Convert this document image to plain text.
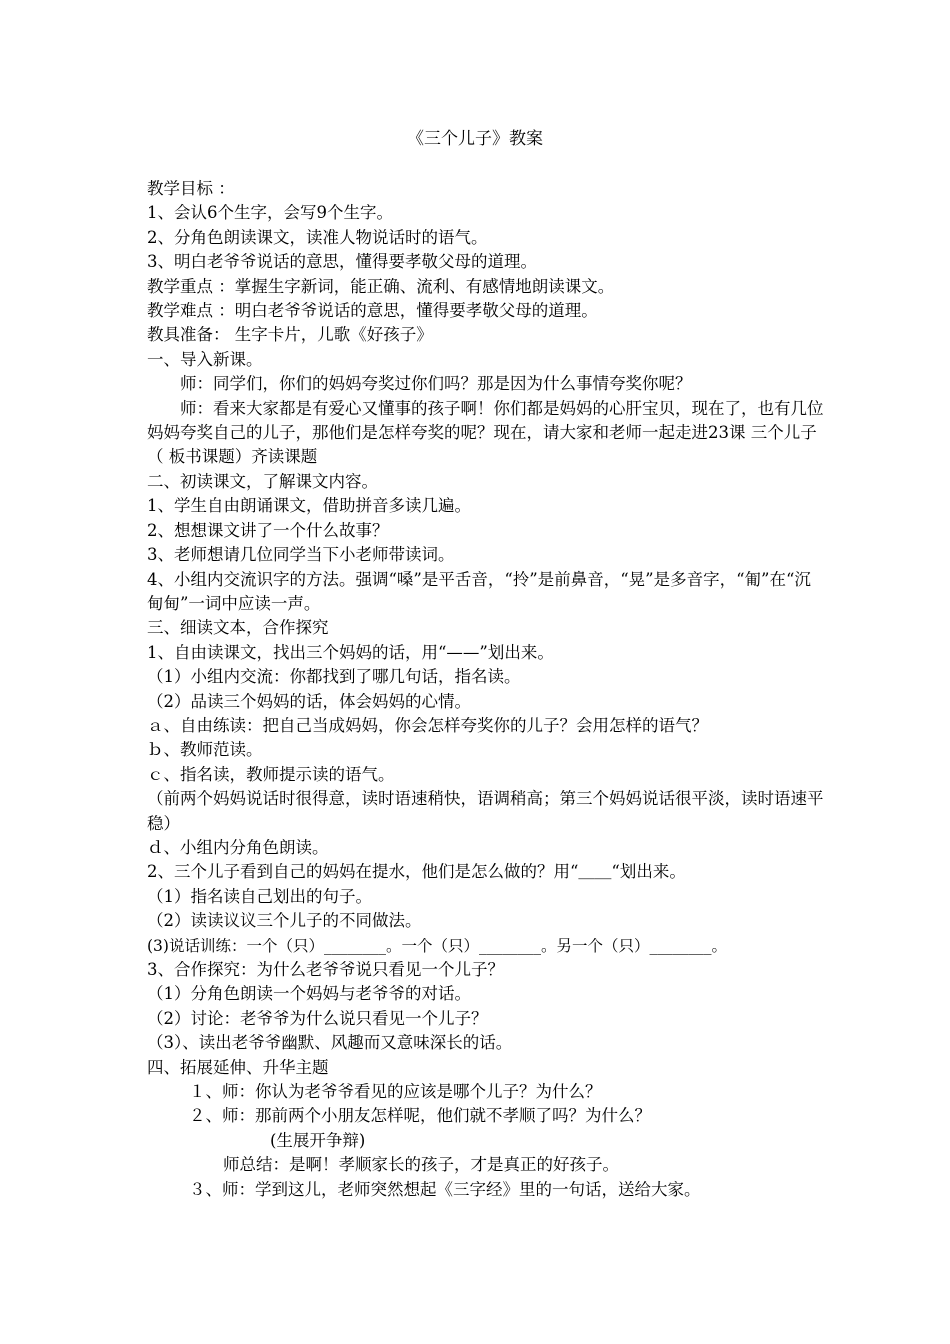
《三个儿子》教案
教学目标 ：
1、会认6个生字，会写9个生字。
2、分角色朗读课文，读准人物说话时的语气。
3、明白老爷爷说话的意思，懂得要孝敬父母的道理。
教学重点 ：掌握生字新词，能正确、流利、有感情地朗读课文。
教学难点 ：明白老爷爷说话的意思，懂得要孝敬父母的道理。
教具准备： 生字卡片，儿歌《好孩子》
一、导入新课。
师：同学们，你们的妈妈夸奖过你们吗？那是因为什么事情夸奖你呢？
师：看来大家都是有爱心又懂事的孩子啊！你们都是妈妈的心肝宝贝，现在了，也有几位妈妈夸奖自己的儿子，那他们是怎样夸奖的呢？现在，请大家和老师一起走进23课 三个儿子（ 板书课题）齐读课题
二、初读课文，了解课文内容。
1、学生自由朗诵课文，借助拼音多读几遍。
2、想想课文讲了一个什么故事？
3、老师想请几位同学当下小老师带读词。
4、小组内交流识字的方法。强调“嗓”是平舌音，“拎”是前鼻音，“晃”是多音字，“匍”在“沉甸甸”一词中应读一声。
三、细读文本，合作探究
1、自由读课文，找出三个妈妈的话，用“——”划出来。
（1）小组内交流：你都找到了哪几句话，指名读。
（2）品读三个妈妈的话，体会妈妈的心情。
ａ、自由练读：把自己当成妈妈，你会怎样夸奖你的儿子？会用怎样的语气？
ｂ、教师范读。
ｃ、指名读，教师提示读的语气。
（前两个妈妈说话时很得意，读时语速稍快，语调稍高；第三个妈妈说话很平淡，读时语速平稳）
ｄ、小组内分角色朗读。
2、三个儿子看到自己的妈妈在提水，他们是怎么做的？用“＿＿“划出来。
（1）指名读自己划出的句子。
（2）读读议议三个儿子的不同做法。
(3)说话训练：一个（只）________。一个（只）________。另一个（只）________。
3、合作探究：为什么老爷爷说只看见一个儿子？
（1）分角色朗读一个妈妈与老爷爷的对话。
（2）讨论：老爷爷为什么说只看见一个儿子？
（3）、读出老爷爷幽默、风趣而又意味深长的话。
四、拓展延伸、升华主题
１、师：你认为老爷爷看见的应该是哪个儿子？为什么？
２、师：那前两个小朋友怎样呢，他们就不孝顺了吗？为什么？
(生展开争辩)
师总结：是啊！孝顺家长的孩子，才是真正的好孩子。
３、师：学到这儿，老师突然想起《三字经》里的一句话，送给大家。
